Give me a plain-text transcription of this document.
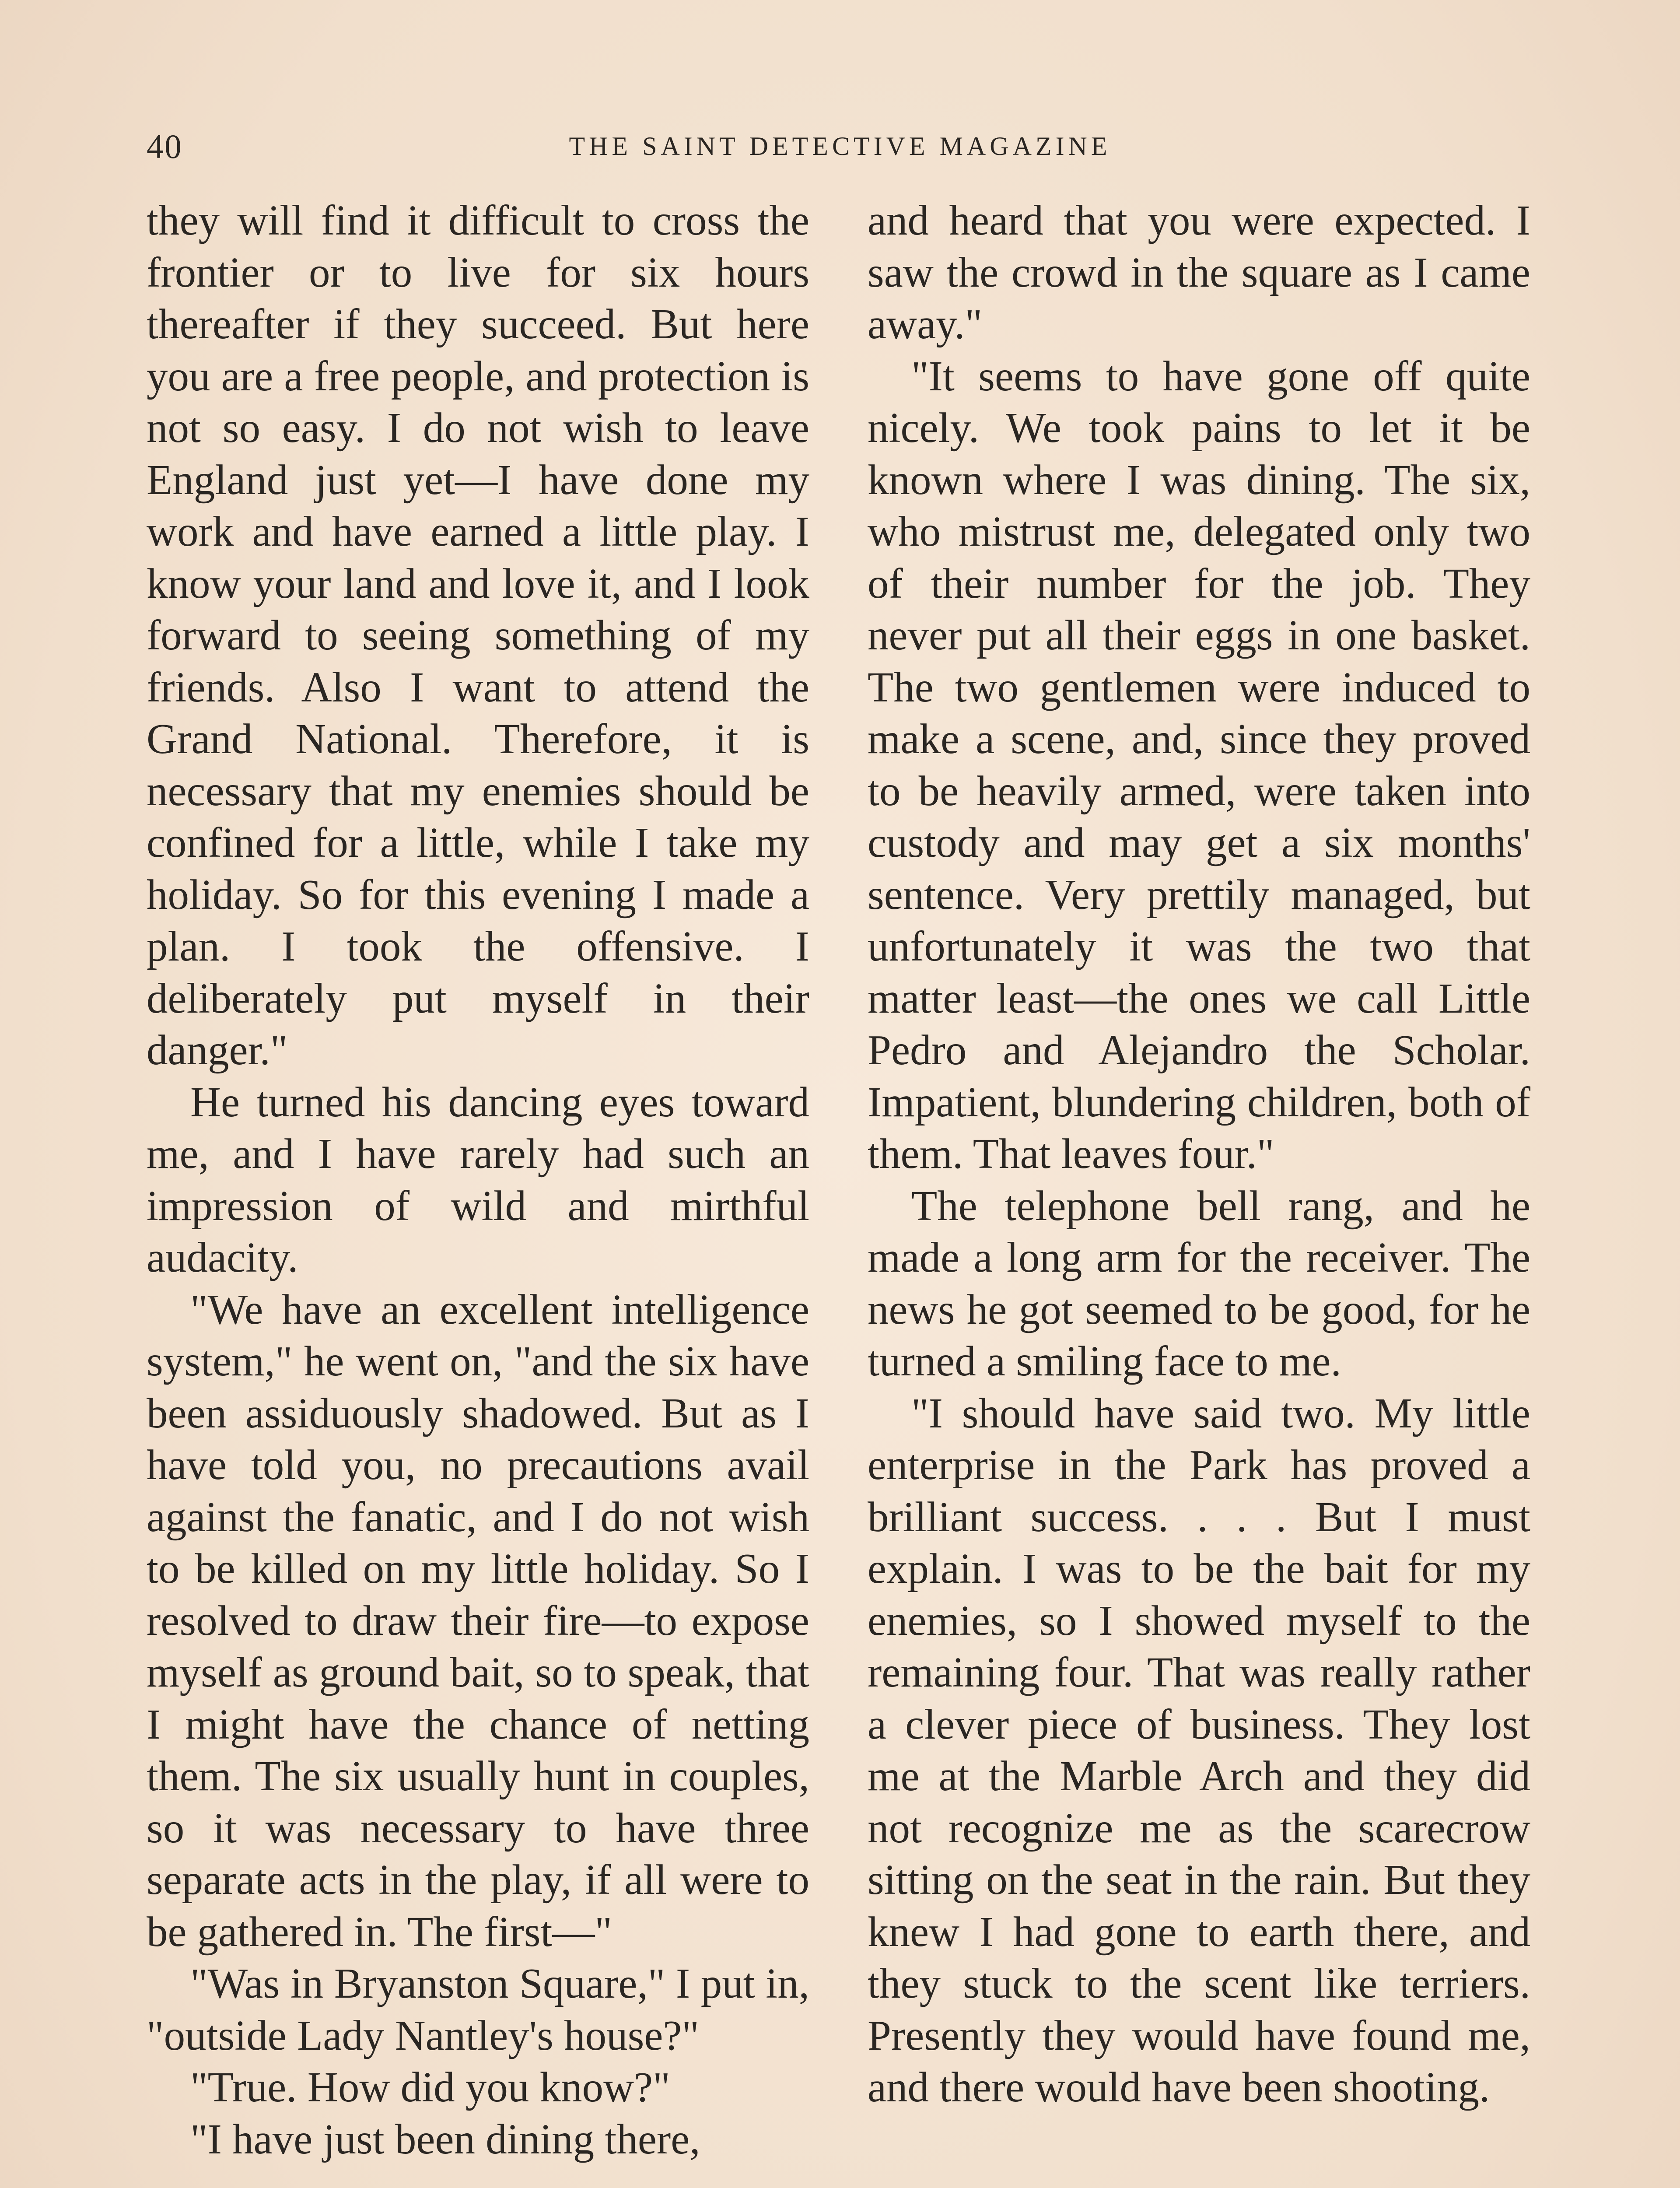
40	THE SAINT DETECTIVE MAGAZINE

they will find it difficult to cross the frontier or to live for six hours thereafter if they succeed. But here you are a free people, and protection is not so easy. I do not wish to leave England just yet—I have done my work and have earned a little play. I know your land and love it, and I look forward to seeing something of my friends. Also I want to attend the Grand National. Therefore, it is necessary that my enemies should be confined for a little, while I take my holiday. So for this evening I made a plan. I took the offensive. I deliberately put myself in their danger."

He turned his dancing eyes toward me, and I have rarely had such an impression of wild and mirthful audacity.

"We have an excellent intelligence system," he went on, "and the six have been assiduously shadowed. But as I have told you, no precautions avail against the fanatic, and I do not wish to be killed on my little holiday. So I resolved to draw their fire—to expose myself as ground bait, so to speak, that I might have the chance of netting them. The six usually hunt in couples, so it was necessary to have three separate acts in the play, if all were to be gathered in. The first—"

"Was in Bryanston Square," I put in, "outside Lady Nantley's house?"

"True. How did you know?"

"I have just been dining there,

and heard that you were expected. I saw the crowd in the square as I came away."

"It seems to have gone off quite nicely. We took pains to let it be known where I was dining. The six, who mistrust me, delegated only two of their number for the job. They never put all their eggs in one basket. The two gentlemen were induced to make a scene, and, since they proved to be heavily armed, were taken into custody and may get a six months' sentence. Very prettily managed, but unfortunately it was the two that matter least—the ones we call Little Pedro and Alejandro the Scholar. Impatient, blundering children, both of them. That leaves four."

The telephone bell rang, and he made a long arm for the receiver. The news he got seemed to be good, for he turned a smiling face to me.

"I should have said two. My little enterprise in the Park has proved a brilliant success. . . . But I must explain. I was to be the bait for my enemies, so I showed myself to the remaining four. That was really rather a clever piece of business. They lost me at the Marble Arch and they did not recognize me as the scarecrow sitting on the seat in the rain. But they knew I had gone to earth there, and they stuck to the scent like terriers. Presently they would have found me, and there would have been shooting.
